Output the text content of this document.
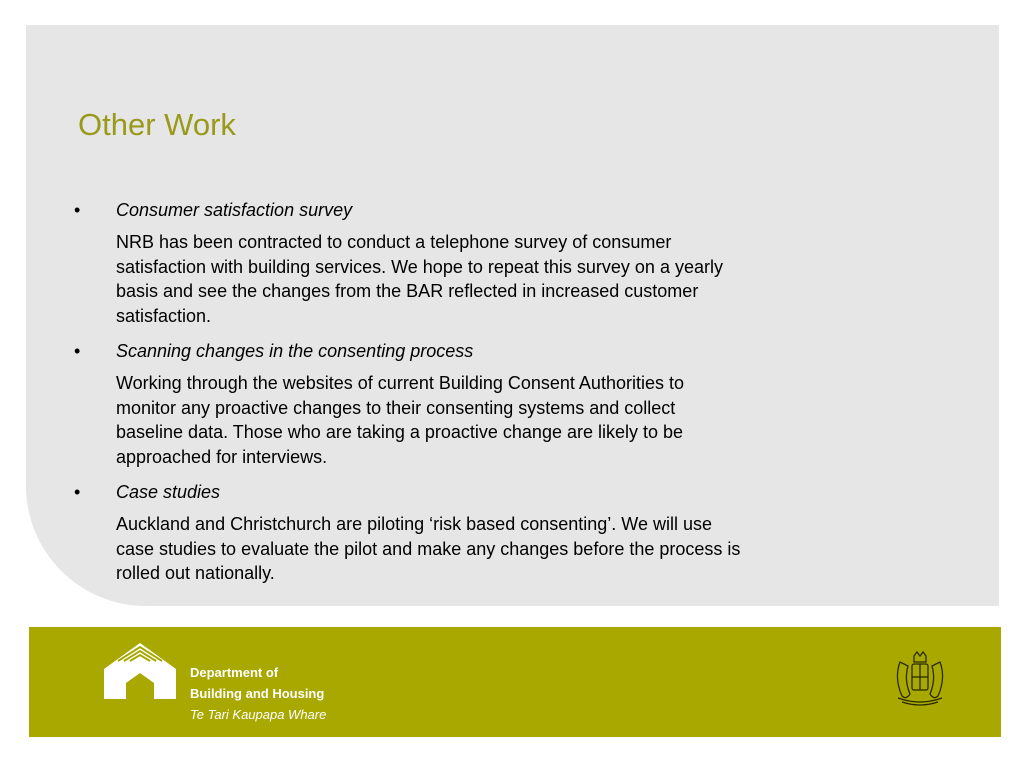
Other Work
• Consumer satisfaction survey

NRB has been contracted to conduct a telephone survey of consumer satisfaction with building services. We hope to repeat this survey on a yearly basis and see the changes from the BAR reflected in increased customer satisfaction.

• Scanning changes in the consenting process

Working through the websites of current Building Consent Authorities to monitor any proactive changes to their consenting systems and collect baseline data. Those who are taking a proactive change are likely to be approached for interviews.

• Case studies

Auckland and Christchurch are piloting ‘risk based consenting’. We will use case studies to evaluate the pilot and make any changes before the process is rolled out nationally.

Department of
Building and Housing
Te Tari Kaupapa Whare
